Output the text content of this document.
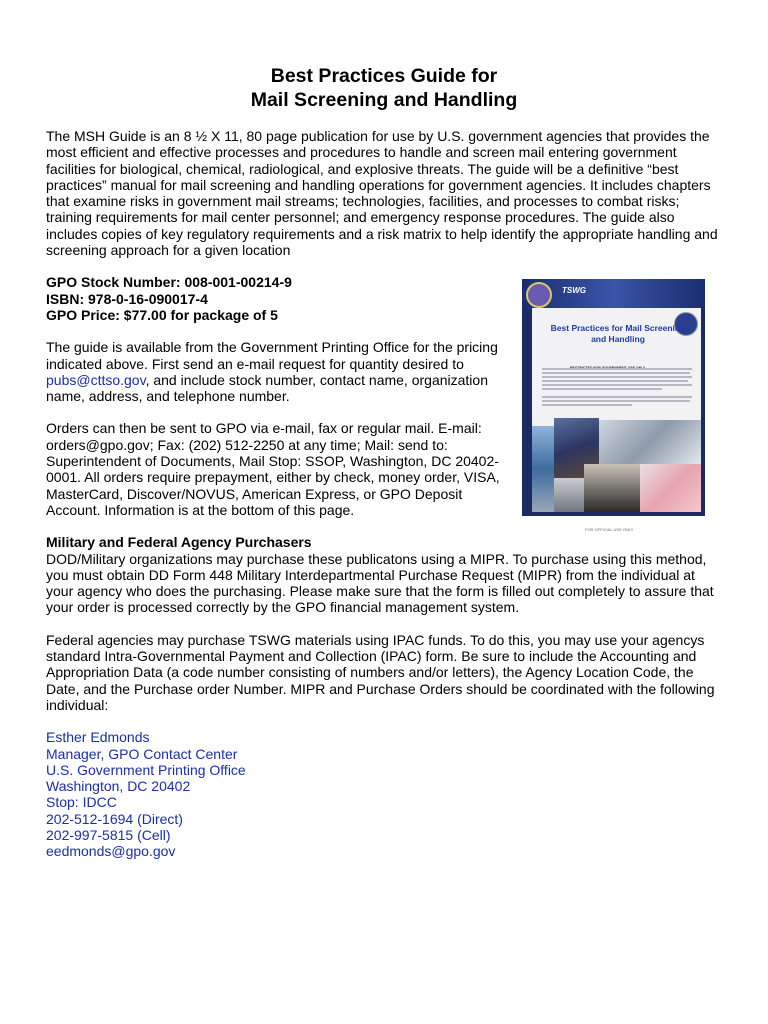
Best Practices Guide for
Mail Screening and Handling

The MSH Guide is an 8 ½ X 11, 80 page publication for use by U.S. government agencies that provides the most efficient and effective processes and procedures to handle and screen mail entering government facilities for biological, chemical, radiological, and explosive threats. The guide will be a definitive “best practices” manual for mail screening and handling operations for government agencies. It includes chapters that examine risks in government mail streams; technologies, facilities, and processes to combat risks; training requirements for mail center personnel; and emergency response procedures. The guide also includes copies of key regulatory requirements and a risk matrix to help identify the appropriate handling and screening approach for a given location

GPO Stock Number: 008-001-00214-9
ISBN: 978-0-16-090017-4
GPO Price: $77.00 for package of 5

The guide is available from the Government Printing Office for the pricing indicated above. First send an e-mail request for quantity desired to pubs@cttso.gov, and include stock number, contact name, organization name, address, and telephone number.

Orders can then be sent to GPO via e-mail, fax or regular mail. E-mail: orders@gpo.gov; Fax: (202) 512-2250 at any time; Mail: send to: Superintendent of Documents, Mail Stop: SSOP, Washington, DC 20402-0001. All orders require prepayment, either by check, money order, VISA, MasterCard, Discover/NOVUS, American Express, or GPO Deposit Account. Information is at the bottom of this page.

Military and Federal Agency Purchasers

DOD/Military organizations may purchase these publicatons using a MIPR. To purchase using this method, you must obtain DD Form 448 Military Interdepartmental Purchase Request (MIPR) from the individual at your agency who does the purchasing. Please make sure that the form is filled out completely to assure that your order is processed correctly by the GPO financial management system.

Federal agencies may purchase TSWG materials using IPAC funds. To do this, you may use your agencys standard Intra-Governmental Payment and Collection (IPAC) form. Be sure to include the Accounting and Appropriation Data (a code number consisting of numbers and/or letters), the Agency Location Code, the Date, and the Purchase order Number. MIPR and Purchase Orders should be coordinated with the following individual:

Esther Edmonds
Manager, GPO Contact Center
U.S. Government Printing Office
Washington, DC 20402
Stop: IDCC
202-512-1694 (Direct)
202-997-5815 (Cell)
eedmonds@gpo.gov
TSWG
Best Practices for Mail Screening and Handling
FOR OFFICIAL USE ONLY
